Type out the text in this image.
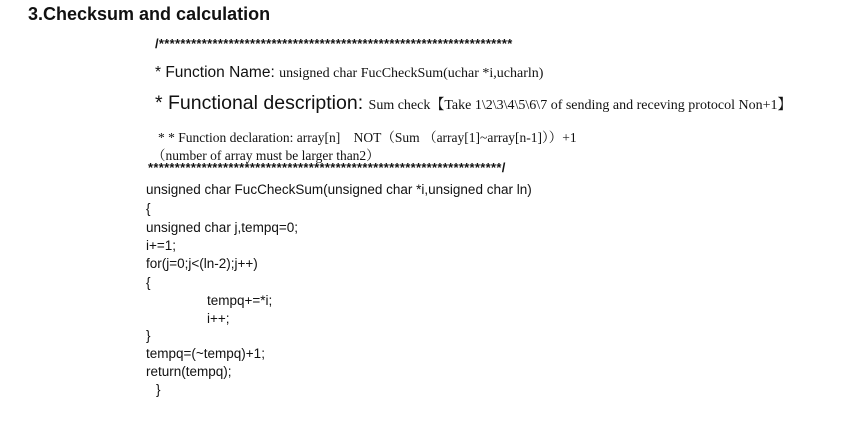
3.Checksum and calculation
/******************************************************************
* Function Name: unsigned char FucCheckSum(uchar *i,ucharln)
* Functional description: Sum check【Take 1\2\3\4\5\6\7 of sending and receving protocol Non+1】
* * Function declaration: array[n]    NOT（Sum （array[1]~array[n-1]））+1
（number of array must be larger than2）
******************************************************************/
unsigned char FucCheckSum(unsigned char *i,unsigned char ln)
{
unsigned char j,tempq=0;
i+=1;
for(j=0;j<(ln-2);j++)
{
tempq+=*i;
i++;
}
tempq=(~tempq)+1;
return(tempq);
}
